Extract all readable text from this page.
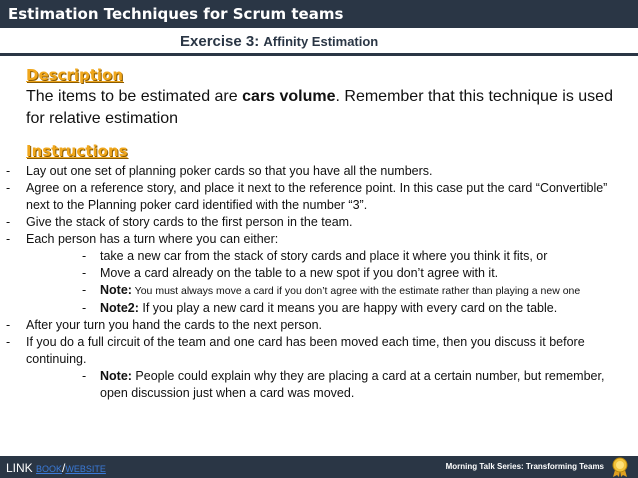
Estimation Techniques for Scrum teams
Exercise 3: Affinity Estimation
Description
The items to be estimated are cars volume. Remember that this technique is used for relative estimation
Instructions
- Lay out one set of planning poker cards so that you have all the numbers.
- Agree on a reference story, and place it next to the reference point. In this case put the card “Convertible” next to the Planning poker card identified with the number “3”.
- Give the stack of story cards to the first person in the team.
- Each person has a turn where you can either:
- take a new car from the stack of story cards and place it where you think it fits, or
- Move a card already on the table to a new spot if you don’t agree with it.
- Note: You must always move a card if you don’t agree with the estimate rather than playing a new one
- Note2: If you play a new card it means you are happy with every card on the table.
- After your turn you hand the cards to the next person.
- If you do a full circuit of the team and one card has been moved each time, then you discuss it before continuing.
- Note: People could explain why they are placing a card at a certain number, but remember, open discussion just when a card was moved.
LINK BOOK/WEBSITE	Morning Talk Series: Transforming Teams
